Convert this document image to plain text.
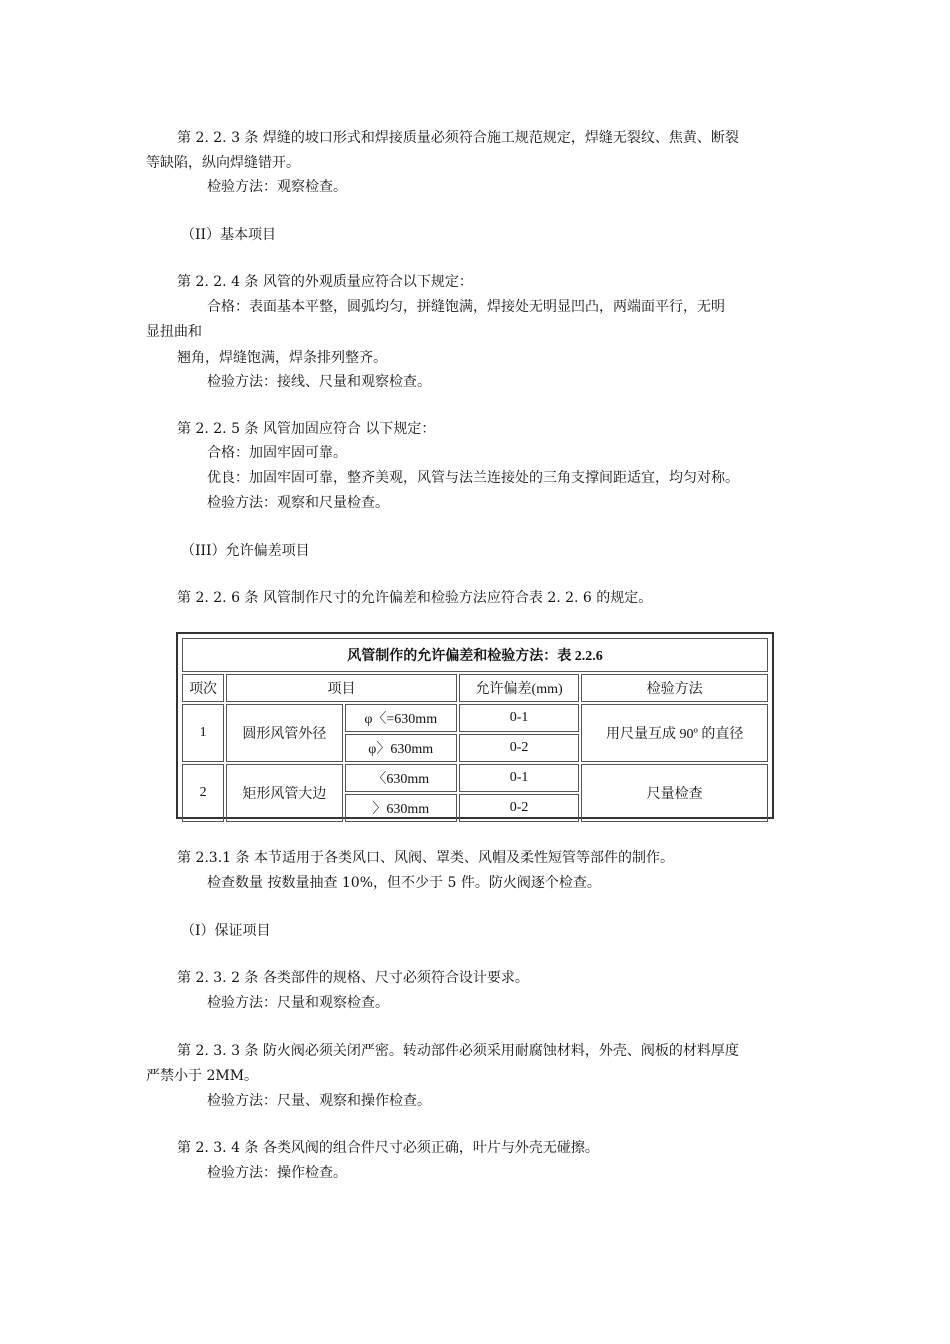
第 2. 2. 3 条 焊缝的坡口形式和焊接质量必须符合施工规范规定，焊缝无裂纹、焦黄、断裂
等缺陷，纵向焊缝错开。
检验方法：观察检查。
（II）基本项目
第 2. 2. 4 条 风管的外观质量应符合以下规定：
合格：表面基本平整，圆弧均匀，拼缝饱满，焊接处无明显凹凸，两端面平行，无明
显扭曲和
翘角，焊缝饱满，焊条排列整齐。
检验方法：接线、尺量和观察检查。
第 2. 2. 5 条 风管加固应符合 以下规定：
合格：加固牢固可靠。
优良：加固牢固可靠，整齐美观，风管与法兰连接处的三角支撑间距适宜，均匀对称。
检验方法：观察和尺量检查。
（III）允许偏差项目
第 2. 2. 6 条 风管制作尺寸的允许偏差和检验方法应符合表 2. 2. 6 的规定。
风管制作的允许偏差和检验方法：表 2.2.6				
项次	项目		允许偏差(mm)	检验方法
1	圆形风管外径	φ〈=630mm	0-1	用尺量互成 90º 的直径
		φ〉630mm	0-2	
2	矩形风管大边	〈630mm	0-1	尺量检查
		〉630mm	0-2	
第 2.3.1 条 本节适用于各类风口、风阀、罩类、风帽及柔性短管等部件的制作。
检查数量 按数量抽查 10%，但不少于 5 件。防火阀逐个检查。
（I）保证项目
第 2. 3. 2 条 各类部件的规格、尺寸必须符合设计要求。
检验方法：尺量和观察检查。
第 2. 3. 3 条 防火阀必须关闭严密。转动部件必须采用耐腐蚀材料，外壳、阀板的材料厚度
严禁小于 2MM。
检验方法：尺量、观察和操作检查。
第 2. 3. 4 条 各类风阀的组合件尺寸必须正确，叶片与外壳无碰擦。
检验方法：操作检查。
